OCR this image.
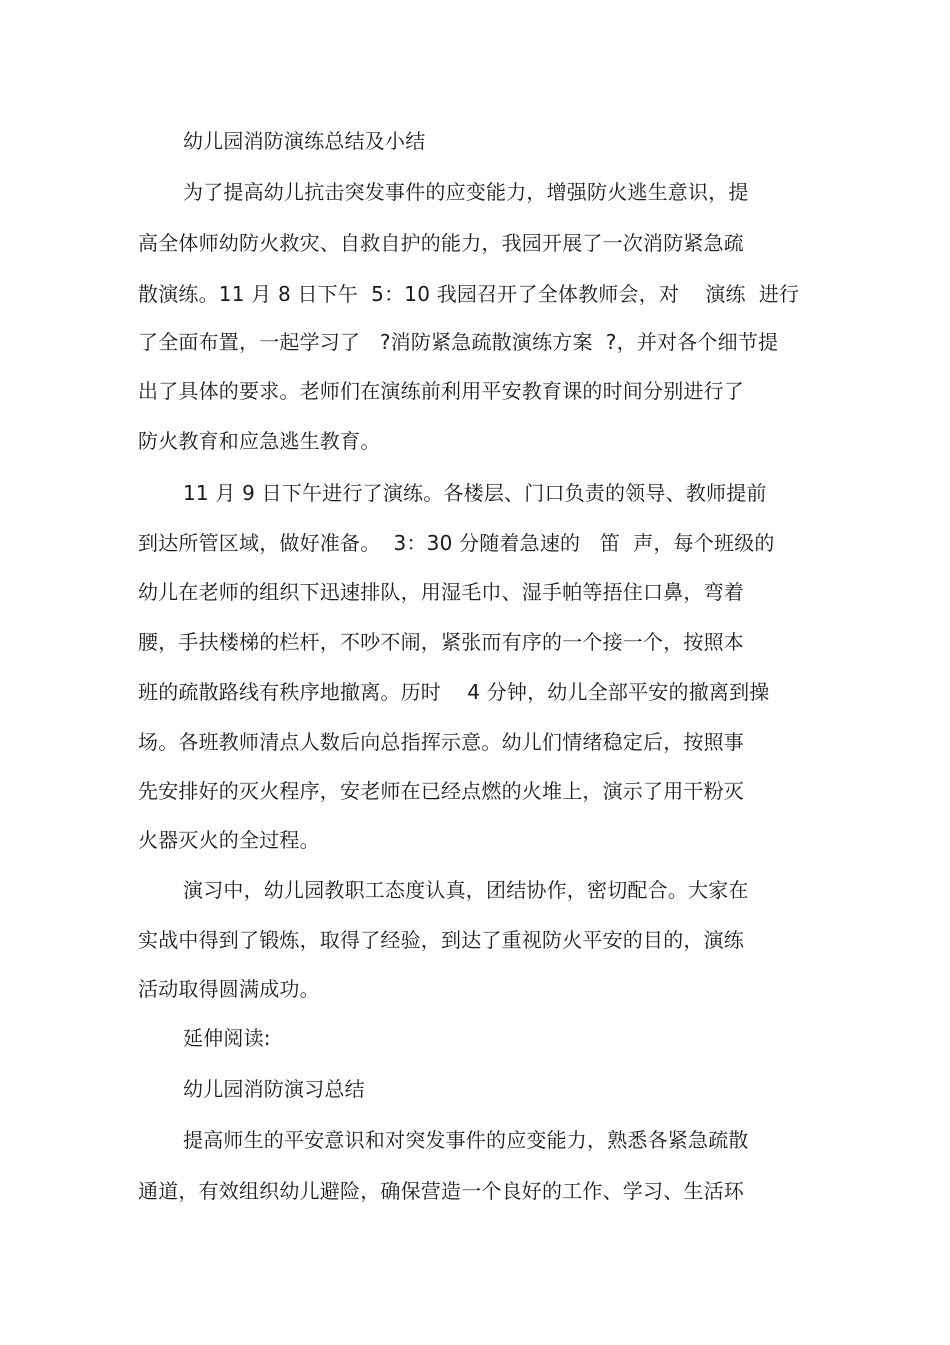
幼儿园消防演练总结及小结
为了提高幼儿抗击突发事件的应变能力，增强防火逃生意识，提
高全体师幼防火救灾、自救自护的能力，我园开展了一次消防紧急疏
散演练。11 月 8 日下午  5：10 我园召开了全体教师会，对    演练  进行
了全面布置，一起学习了   ?消防紧急疏散演练方案  ?，并对各个细节提
出了具体的要求。老师们在演练前利用平安教育课的时间分别进行了
防火教育和应急逃生教育。
11 月 9 日下午进行了演练。各楼层、门口负责的领导、教师提前
到达所管区域，做好准备。  3：30 分随着急速的   笛  声，每个班级的
幼儿在老师的组织下迅速排队，用湿毛巾、湿手帕等捂住口鼻，弯着
腰，手扶楼梯的栏杆，不吵不闹，紧张而有序的一个接一个，按照本
班的疏散路线有秩序地撤离。历时    4 分钟，幼儿全部平安的撤离到操
场。各班教师清点人数后向总指挥示意。幼儿们情绪稳定后，按照事
先安排好的灭火程序，安老师在已经点燃的火堆上，演示了用干粉灭
火器灭火的全过程。
演习中，幼儿园教职工态度认真，团结协作，密切配合。大家在
实战中得到了锻炼，取得了经验，到达了重视防火平安的目的，演练
活动取得圆满成功。
延伸阅读:
幼儿园消防演习总结
提高师生的平安意识和对突发事件的应变能力，熟悉各紧急疏散
通道，有效组织幼儿避险，确保营造一个良好的工作、学习、生活环
